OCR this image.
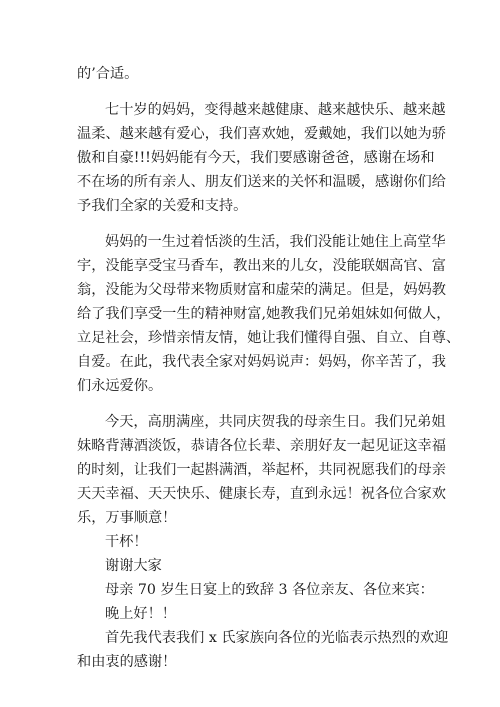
的’合适。
七十岁的妈妈，变得越来越健康、越来越快乐、越来越
温柔、越来越有爱心，我们喜欢她，爱戴她，我们以她为骄
傲和自豪!!!妈妈能有今天，我们要感谢爸爸，感谢在场和
不在场的所有亲人、朋友们送来的关怀和温暖，感谢你们给
予我们全家的关爱和支持。
妈妈的一生过着恬淡的生活，我们没能让她住上高堂华
宇，没能享受宝马香车，教出来的儿女，没能联姻高官、富
翁，没能为父母带来物质财富和虚荣的满足。但是，妈妈教
给了我们享受一生的精神财富,她教我们兄弟姐妹如何做人，
立足社会，珍惜亲情友情，她让我们懂得自强、自立、自尊、
自爱。在此，我代表全家对妈妈说声：妈妈，你辛苦了，我
们永远爱你。
今天，高朋满座，共同庆贺我的母亲生日。我们兄弟姐
妹略背薄酒淡饭，恭请各位长辈、亲朋好友一起见证这幸福
的时刻，让我们一起斟满酒，举起杯，共同祝愿我们的母亲
天天幸福、天天快乐、健康长寿，直到永远！祝各位合家欢
乐，万事顺意！
干杯！
谢谢大家
母亲 70 岁生日宴上的致辞 3 各位亲友、各位来宾：
晚上好！！
首先我代表我们 x 氏家族向各位的光临表示热烈的欢迎
和由衷的感谢！
